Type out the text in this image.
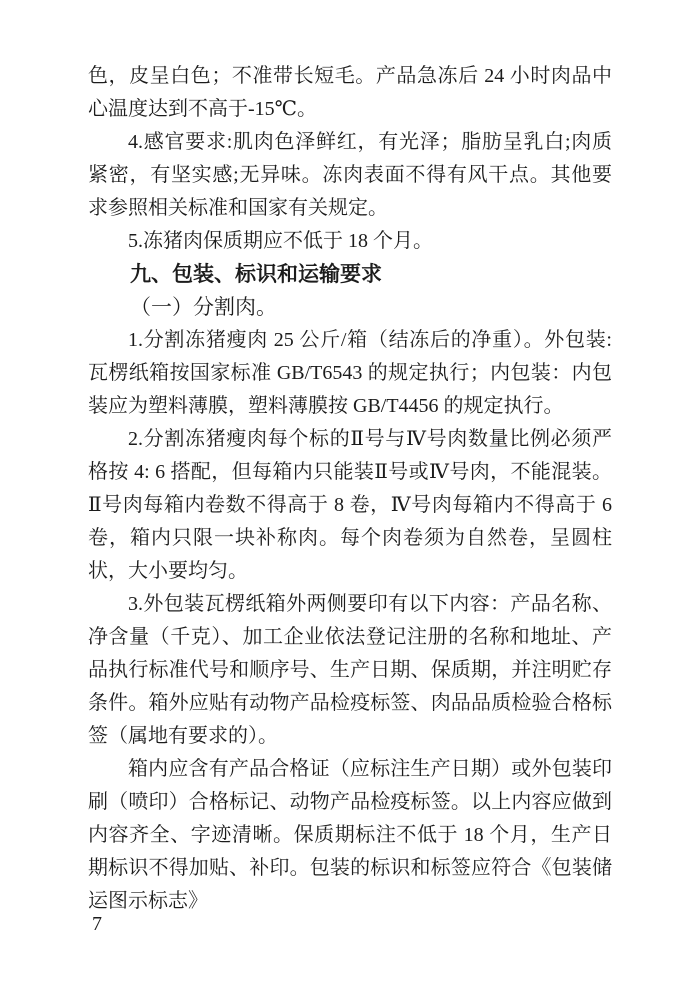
色，皮呈白色；不准带长短毛。产品急冻后 24 小时肉品中心温度达到不高于-15℃。

4.感官要求:肌肉色泽鲜红，有光泽；脂肪呈乳白;肉质紧密，有坚实感;无异味。冻肉表面不得有风干点。其他要求参照相关标准和国家有关规定。

5.冻猪肉保质期应不低于 18 个月。

九、包装、标识和运输要求
（一）分割肉。

1.分割冻猪瘦肉 25 公斤/箱（结冻后的净重）。外包装:瓦楞纸箱按国家标准 GB/T6543 的规定执行；内包装：内包装应为塑料薄膜，塑料薄膜按 GB/T4456 的规定执行。

2.分割冻猪瘦肉每个标的Ⅱ号与Ⅳ号肉数量比例必须严格按 4: 6 搭配，但每箱内只能装Ⅱ号或Ⅳ号肉，不能混装。Ⅱ号肉每箱内卷数不得高于 8 卷，Ⅳ号肉每箱内不得高于 6 卷，箱内只限一块补称肉。每个肉卷须为自然卷，呈圆柱状，大小要均匀。

3.外包装瓦楞纸箱外两侧要印有以下内容：产品名称、净含量（千克）、加工企业依法登记注册的名称和地址、产品执行标准代号和顺序号、生产日期、保质期，并注明贮存条件。箱外应贴有动物产品检疫标签、肉品品质检验合格标签（属地有要求的）。

箱内应含有产品合格证（应标注生产日期）或外包装印刷（喷印）合格标记、动物产品检疫标签。以上内容应做到内容齐全、字迹清晰。保质期标注不低于 18 个月，生产日期标识不得加贴、补印。包装的标识和标签应符合《包装储运图示标志》

7
